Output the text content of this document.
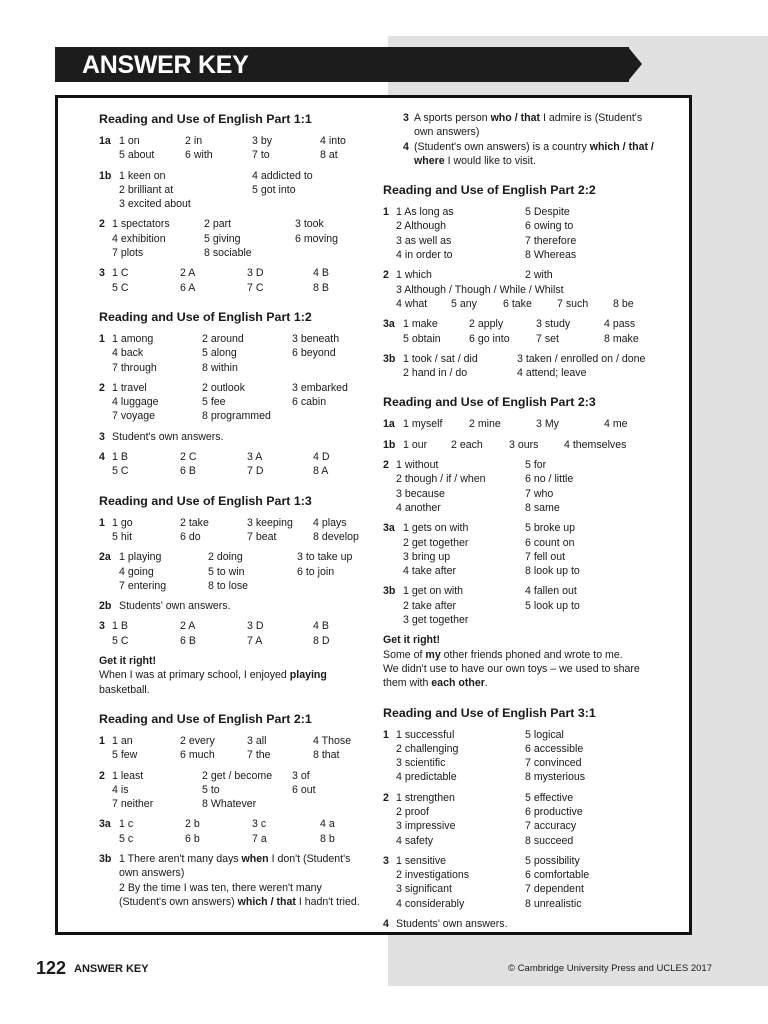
ANSWER KEY
Reading and Use of English Part 1:1
1a 1 on	2 in	3 by	4 into
5 about	6 with	7 to	8 at
1b 1 keen on	4 addicted to
2 brilliant at	5 got into
3 excited about
2 1 spectators	2 part	3 took
4 exhibition	5 giving	6 moving
7 plots	8 sociable
3 1 C	2 A	3 D	4 B
5 C	6 A	7 C	8 B
Reading and Use of English Part 1:2
1 1 among	2 around	3 beneath
4 back	5 along	6 beyond
7 through	8 within
2 1 travel	2 outlook	3 embarked
4 luggage	5 fee	6 cabin
7 voyage	8 programmed
3 Student's own answers.
4 1 B	2 C	3 A	4 D
5 C	6 B	7 D	8 A
Reading and Use of English Part 1:3
1 1 go	2 take	3 keeping 4 plays
5 hit	6 do	7 beat	8 develop
2a 1 playing	2 doing	3 to take up
4 going	5 to win	6 to join
7 entering	8 to lose
2b Students' own answers.
3 1 B	2 A	3 D	4 B
5 C	6 B	7 A	8 D
Get it right!
When I was at primary school, I enjoyed playing basketball.
Reading and Use of English Part 2:1
1 1 an	2 every	3 all	4 Those
5 few	6 much	7 the	8 that
2 1 least	2 get / become 3 of
4 is	5 to	6 out
7 neither	8 Whatever
3a 1 c	2 b	3 c	4 a
5 c	6 b	7 a	8 b
3b 1 There aren't many days when I don't (Student's own answers)
2 By the time I was ten, there weren't many (Student's own answers) which / that I hadn't tried.
3 A sports person who / that I admire is (Student's own answers)
4 (Student's own answers) is a country which / that / where I would like to visit.
Reading and Use of English Part 2:2
1 1 As long as	5 Despite
2 Although	6 owing to
3 as well as	7 therefore
4 in order to	8 Whereas
2 1 which	2 with
3 Although / Though / While / Whilst
4 what 5 any 6 take 7 such 8 be
3a 1 make	2 apply	3 study	4 pass
5 obtain	6 go into 7 set	8 make
3b 1 took / sat / did	3 taken / enrolled on / done
2 hand in / do	4 attend; leave
Reading and Use of English Part 2:3
1a 1 myself	2 mine	3 My	4 me
1b 1 our 2 each 3 ours 4 themselves
2 1 without	5 for
2 though / if / when	6 no / little
3 because	7 who
4 another	8 same
3a 1 gets on with	5 broke up
2 get together	6 count on
3 bring up	7 fell out
4 take after	8 look up to
3b 1 get on with	4 fallen out
2 take after	5 look up to
3 get together
Get it right!
Some of my other friends phoned and wrote to me.
We didn't use to have our own toys – we used to share them with each other.
Reading and Use of English Part 3:1
1 1 successful	5 logical
2 challenging	6 accessible
3 scientific	7 convinced
4 predictable	8 mysterious
2 1 strengthen	5 effective
2 proof	6 productive
3 impressive	7 accuracy
4 safety	8 succeed
3 1 sensitive	5 possibility
2 investigations	6 comfortable
3 significant	7 dependent
4 considerably	8 unrealistic
4 Students' own answers.
122 ANSWER KEY	© Cambridge University Press and UCLES 2017
